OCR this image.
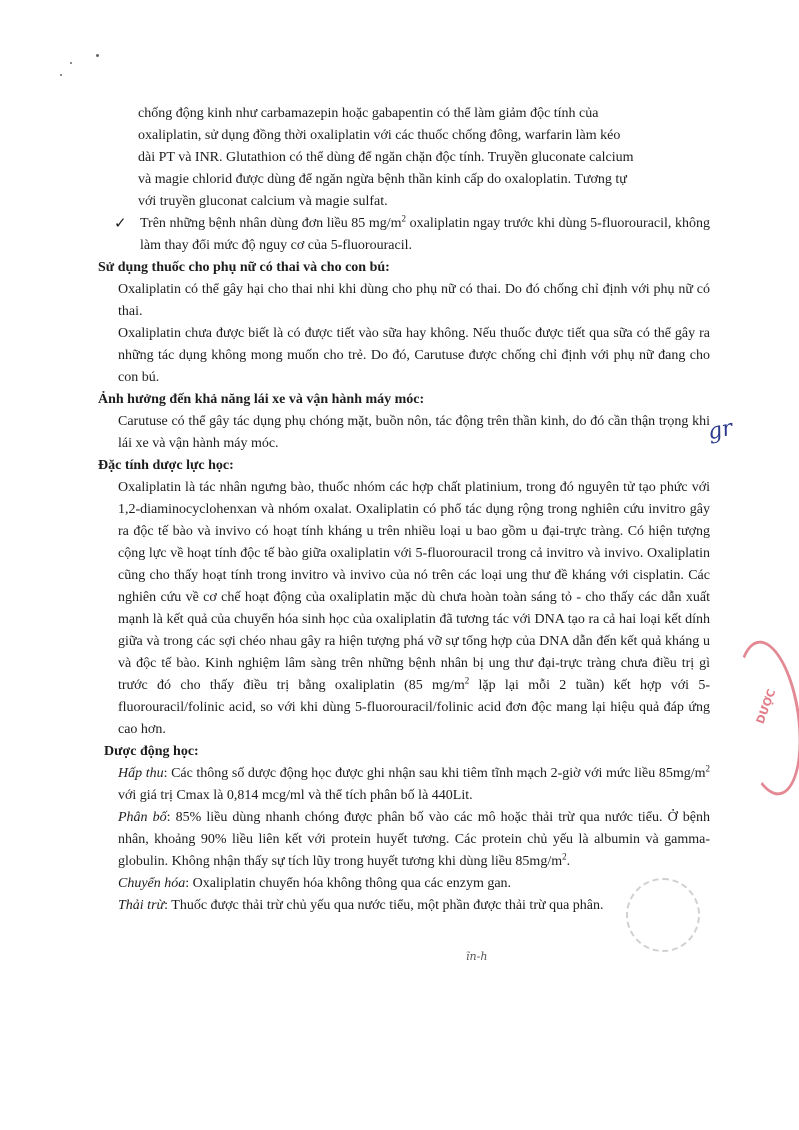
chống động kinh như carbamazepin hoặc gabapentin có thể làm giảm độc tính của

oxaliplatin, sử dụng đồng thời oxaliplatin với các thuốc chống đông, warfarin làm kéo

dài PT và INR. Glutathion có thể dùng để ngăn chặn độc tính. Truyền gluconate calcium

và magie chlorid được dùng để ngăn ngừa bệnh thần kinh cấp do oxaloplatin. Tương tự

với truyền gluconat calcium và magie sulfat.

✓ Trên những bệnh nhân dùng đơn liều 85 $mg/m^2$ oxaliplatin ngay trước khi dùng 5-fluorouracil, không làm thay đổi mức độ nguy cơ của 5-fluorouracil.

Sử dụng thuốc cho phụ nữ có thai và cho con bú:

Oxaliplatin có thể gây hại cho thai nhi khi dùng cho phụ nữ có thai. Do đó chống chỉ định với phụ nữ có thai.

Oxaliplatin chưa được biết là có được tiết vào sữa hay không. Nếu thuốc được tiết qua sữa có thể gây ra những tác dụng không mong muốn cho trẻ. Do đó, Carutuse được chống chỉ định với phụ nữ đang cho con bú.

Ảnh hưởng đến khả năng lái xe và vận hành máy móc:

Carutuse có thể gây tác dụng phụ chóng mặt, buồn nôn, tác động trên thần kinh, do đó cần thận trọng khi lái xe và vận hành máy móc.

Đặc tính dược lực học:

Oxaliplatin là tác nhân ngưng bào, thuốc nhóm các hợp chất platinium, trong đó nguyên tử tạo phức với 1,2-diaminocyclohenxan và nhóm oxalat. Oxaliplatin có phổ tác dụng rộng trong nghiên cứu invitro gây ra độc tế bào và invivo có hoạt tính kháng u trên nhiều loại u bao gồm u đại-trực tràng. Có hiện tượng cộng lực về hoạt tính độc tế bào giữa oxaliplatin với 5-fluorouracil trong cả invitro và invivo. Oxaliplatin cũng cho thấy hoạt tính trong invitro và invivo của nó trên các loại ung thư đề kháng với cisplatin. Các nghiên cứu về cơ chế hoạt động của oxaliplatin mặc dù chưa hoàn toàn sáng tỏ - cho thấy các dẫn xuất mạnh là kết quả của chuyển hóa sinh học của oxaliplatin đã tương tác với DNA tạo ra cả hai loại kết dính giữa và trong các sợi chéo nhau gây ra hiện tượng phá vỡ sự tổng hợp của DNA dẫn đến kết quả kháng u và độc tế bào. Kinh nghiệm lâm sàng trên những bệnh nhân bị ung thư đại-trực tràng chưa điều trị gì trước đó cho thấy điều trị bằng oxaliplatin (85 $mg/m^2$ lặp lại mỗi 2 tuần) kết hợp với 5-fluorouracil/folinic acid, so với khi dùng 5-fluorouracil/folinic acid đơn độc mang lại hiệu quả đáp ứng cao hơn.

Dược động học:

Hấp thu: Các thông số dược động học được ghi nhận sau khi tiêm tĩnh mạch 2-giờ với mức liều $85mg/m^2$ với giá trị Cmax là 0,814 mcg/ml và thể tích phân bố là 440Lit.

Phân bố: 85% liều dùng nhanh chóng được phân bố vào các mô hoặc thải trừ qua nước tiểu. Ở bệnh nhân, khoảng 90% liều liên kết với protein huyết tương. Các protein chủ yếu là albumin và gamma-globulin. Không nhận thấy sự tích lũy trong huyết tương khi dùng liều $85mg/m^2$.

Chuyển hóa: Oxaliplatin chuyển hóa không thông qua các enzym gan.

Thải trừ: Thuốc được thải trừ chủ yếu qua nước tiểu, một phần được thải trừ qua phân.

DƯỢC
gr
ĩn-h
